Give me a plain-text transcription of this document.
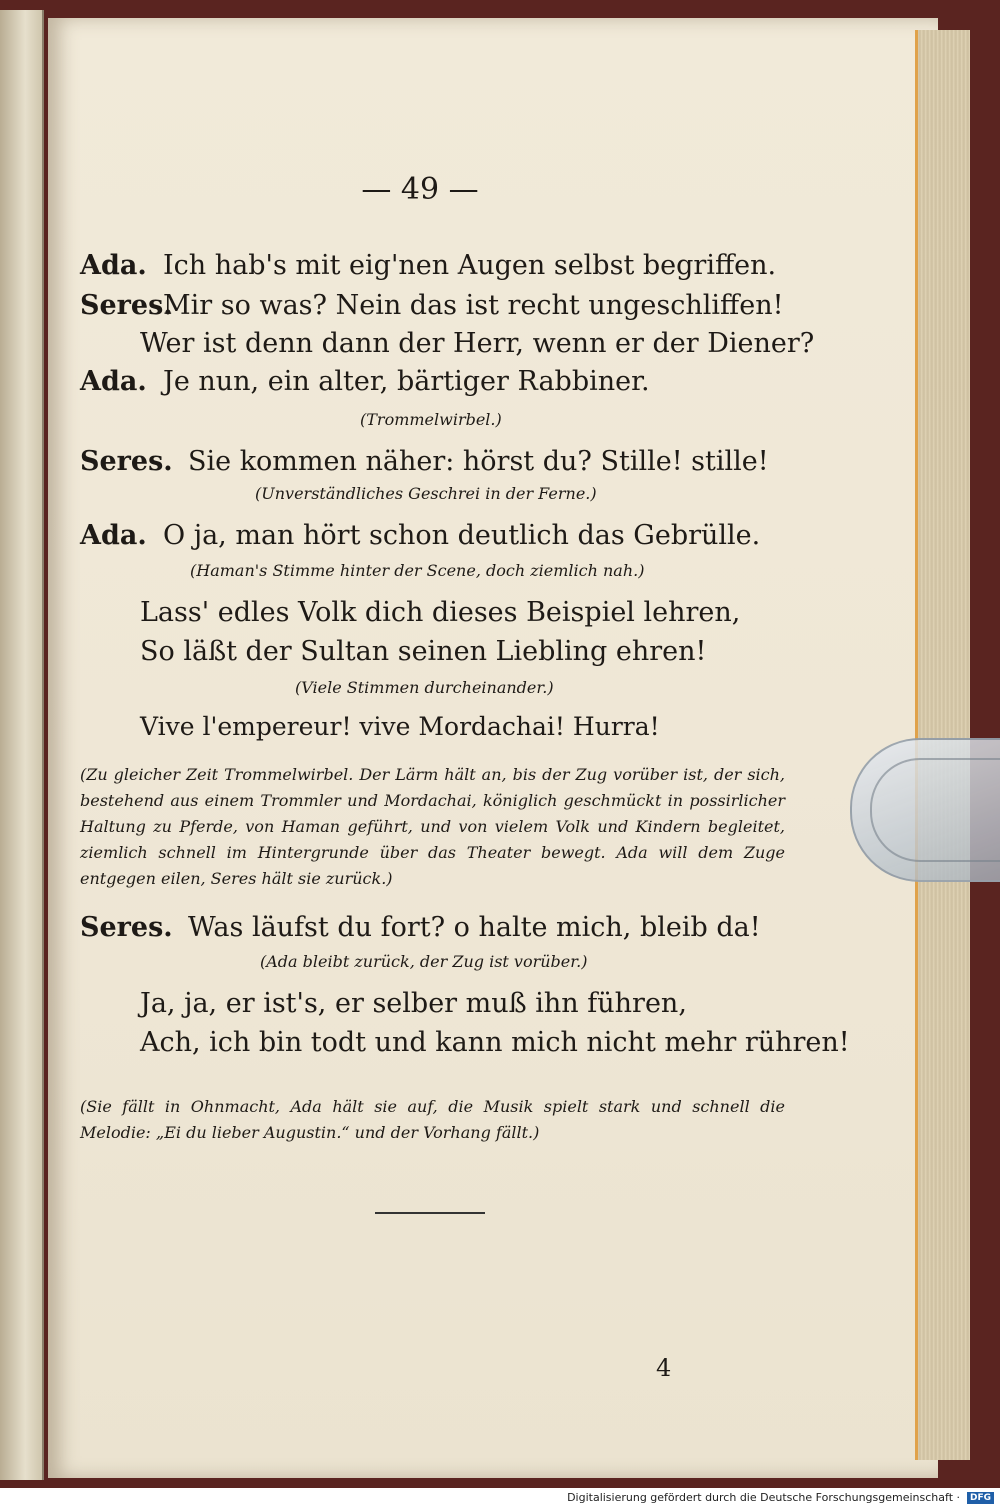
— 49 —
Ada. Ich hab's mit eig'nen Augen selbst begriffen.
Seres.
Mir so was? Nein das ist recht ungeschliffen!
Wer ist denn dann der Herr, wenn er der Diener?
Ada. Je nun, ein alter, bärtiger Rabbiner.
(Trommelwirbel.)
Seres. Sie kommen näher: hörst du? Stille! stille!
(Unverständliches Geschrei in der Ferne.)
Ada. O ja, man hört schon deutlich das Gebrülle.
(Haman's Stimme hinter der Scene, doch ziemlich nah.)
Lass' edles Volk dich dieses Beispiel lehren,
So läßt der Sultan seinen Liebling ehren!
(Viele Stimmen durcheinander.)
Vive l'empereur! vive Mordachai! Hurra!
(Zu gleicher Zeit Trommelwirbel. Der Lärm hält an, bis der Zug vorüber ist, der sich, bestehend aus einem Trommler und Mordachai, königlich geschmückt in possirlicher Haltung zu Pferde, von Haman geführt, und von vielem Volk und Kindern begleitet, ziemlich schnell im Hintergrunde über das Theater bewegt. Ada will dem Zuge entgegen eilen, Seres hält sie zurück.)
Seres. Was läufst du fort? o halte mich, bleib da!
(Ada bleibt zurück, der Zug ist vorüber.)
Ja, ja, er ist's, er selber muß ihn führen,
Ach, ich bin todt und kann mich nicht mehr rühren!
(Sie fällt in Ohnmacht, Ada hält sie auf, die Musik spielt stark und schnell die Melodie: „Ei du lieber Augustin.“ und der Vorhang fällt.)
4
Digitalisierung gefördert durch die Deutsche Forschungsgemeinschaft ·	DFG
